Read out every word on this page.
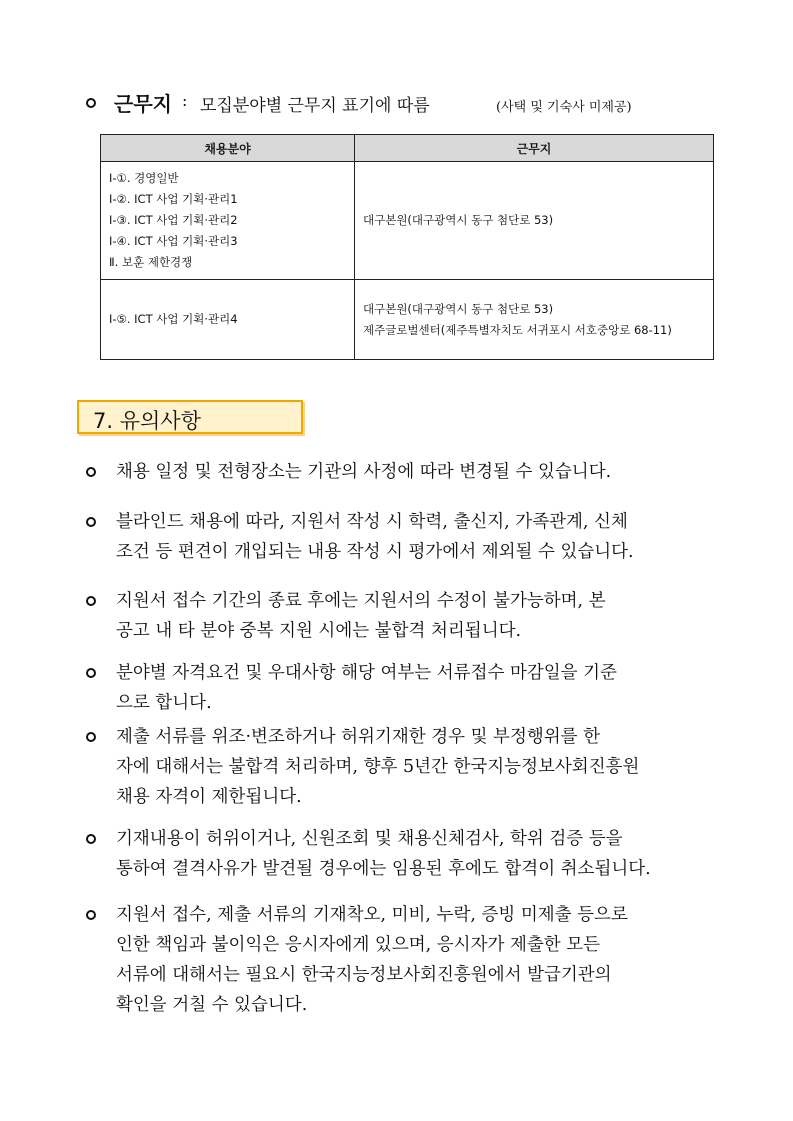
근무지 : 모집분야별 근무지 표기에 따름	(사택 및 기숙사 미제공)
채용분야	근무지

Ⅰ-①. 경영일반
Ⅰ-②. ICT 사업 기획·관리1
Ⅰ-③. ICT 사업 기획·관리2
Ⅰ-④. ICT 사업 기획·관리3
Ⅱ. 보훈 제한경쟁	대구본원(대구광역시 동구 첨단로 53)

Ⅰ-⑤. ICT 사업 기획·관리4	대구본원(대구광역시 동구 첨단로 53)
제주글로벌센터(제주특별자치도 서귀포시 서호중앙로 68-11)
7. 유의사항
채용 일정 및 전형장소는 기관의 사정에 따라 변경될 수 있습니다.
블라인드 채용에 따라, 지원서 작성 시 학력, 출신지, 가족관계, 신체
조건 등 편견이 개입되는 내용 작성 시 평가에서 제외될 수 있습니다.
지원서 접수 기간의 종료 후에는 지원서의 수정이 불가능하며, 본
공고 내 타 분야 중복 지원 시에는 불합격 처리됩니다.
분야별 자격요건 및 우대사항 해당 여부는 서류접수 마감일을 기준
으로 합니다.
제출 서류를 위조·변조하거나 허위기재한 경우 및 부정행위를 한
자에 대해서는 불합격 처리하며, 향후 5년간 한국지능정보사회진흥원
채용 자격이 제한됩니다.
기재내용이 허위이거나, 신원조회 및 채용신체검사, 학위 검증 등을
통하여 결격사유가 발견될 경우에는 임용된 후에도 합격이 취소됩니다.
지원서 접수, 제출 서류의 기재착오, 미비, 누락, 증빙 미제출 등으로
인한 책임과 불이익은 응시자에게 있으며, 응시자가 제출한 모든
서류에 대해서는 필요시 한국지능정보사회진흥원에서 발급기관의
확인을 거칠 수 있습니다.
